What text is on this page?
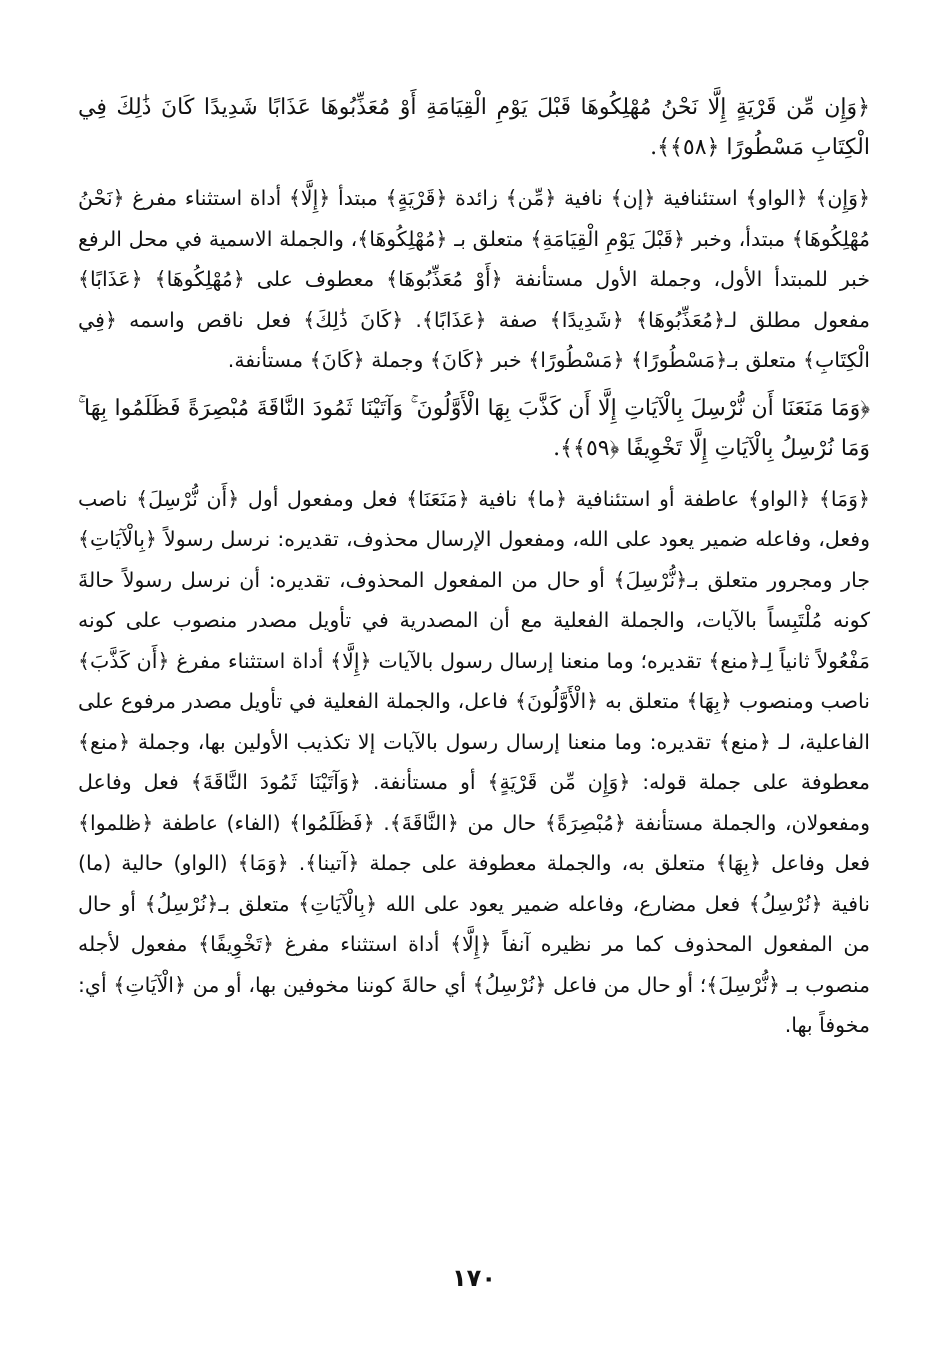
﴿وَإِن مِّن قَرْيَةٍ إِلَّا نَحْنُ مُهْلِكُوهَا قَبْلَ يَوْمِ الْقِيَامَةِ أَوْ مُعَذِّبُوهَا عَذَابًا شَدِيدًا كَانَ ذَٰلِكَ فِي الْكِتَابِ مَسْطُورًا ﴿٥٨﴾﴾.

﴿وَإِن﴾ ﴿الواو﴾ استئنافية ﴿إن﴾ نافية ﴿مِّن﴾ زائدة ﴿قَرْيَةٍ﴾ مبتدأ ﴿إِلَّا﴾ أداة استثناء مفرغ ﴿نَحْنُ مُهْلِكُوهَا﴾ مبتدأ، وخبر ﴿قَبْلَ يَوْمِ الْقِيَامَةِ﴾ متعلق بـ ﴿مُهْلِكُوهَا﴾، والجملة الاسمية في محل الرفع خبر للمبتدأ الأول، وجملة الأول مستأنفة ﴿أَوْ مُعَذِّبُوهَا﴾ معطوف على ﴿مُهْلِكُوهَا﴾ ﴿عَذَابًا﴾ مفعول مطلق لـ﴿مُعَذِّبُوهَا﴾ ﴿شَدِيدًا﴾ صفة ﴿عَذَابًا﴾. ﴿كَانَ ذَٰلِكَ﴾ فعل ناقص واسمه ﴿فِي الْكِتَابِ﴾ متعلق بـ﴿مَسْطُورًا﴾ ﴿مَسْطُورًا﴾ خبر ﴿كَانَ﴾ وجملة ﴿كَانَ﴾ مستأنفة.

﴿وَمَا مَنَعَنَا أَن نُّرْسِلَ بِالْآيَاتِ إِلَّا أَن كَذَّبَ بِهَا الْأَوَّلُونَ ۚ وَآتَيْنَا ثَمُودَ النَّاقَةَ مُبْصِرَةً فَظَلَمُوا بِهَا ۚ وَمَا نُرْسِلُ بِالْآيَاتِ إِلَّا تَخْوِيفًا ﴿٥٩﴾﴾.

﴿وَمَا﴾ ﴿الواو﴾ عاطفة أو استئنافية ﴿ما﴾ نافية ﴿مَنَعَنَا﴾ فعل ومفعول أول ﴿أَن نُّرْسِلَ﴾ ناصب وفعل، وفاعله ضمير يعود على الله، ومفعول الإرسال محذوف، تقديره: نرسل رسولاً ﴿بِالْآيَاتِ﴾ جار ومجرور متعلق بـ﴿نُّرْسِلَ﴾ أو حال من المفعول المحذوف، تقديره: أن نرسل رسولاً حالةَ كونه مُلْتَبِساً بالآيات، والجملة الفعلية مع أن المصدرية في تأويل مصدر منصوب على كونه مَفْعُولاً ثانياً لِـ﴿منع﴾ تقديره؛ وما منعنا إرسال رسول بالآيات ﴿إِلَّا﴾ أداة استثناء مفرغ ﴿أَن كَذَّبَ﴾ ناصب ومنصوب ﴿بِهَا﴾ متعلق به ﴿الْأَوَّلُونَ﴾ فاعل، والجملة الفعلية في تأويل مصدر مرفوع على الفاعلية، لـ ﴿منع﴾ تقديره: وما منعنا إرسال رسول بالآيات إلا تكذيب الأولين بها، وجملة ﴿منع﴾ معطوفة على جملة قوله: ﴿وَإِن مِّن قَرْيَةٍ﴾ أو مستأنفة. ﴿وَآتَيْنَا ثَمُودَ النَّاقَةَ﴾ فعل وفاعل ومفعولان، والجملة مستأنفة ﴿مُبْصِرَةً﴾ حال من ﴿النَّاقَةَ﴾. ﴿فَظَلَمُوا﴾ (الفاء) عاطفة ﴿ظلموا﴾ فعل وفاعل ﴿بِهَا﴾ متعلق به، والجملة معطوفة على جملة ﴿آتينا﴾. ﴿وَمَا﴾ (الواو) حالية (ما) نافية ﴿نُرْسِلُ﴾ فعل مضارع، وفاعله ضمير يعود على الله ﴿بِالْآيَاتِ﴾ متعلق بـ﴿نُرْسِلُ﴾ أو حال من المفعول المحذوف كما مر نظيره آنفاً ﴿إِلَّا﴾ أداة استثناء مفرغ ﴿تَخْوِيفًا﴾ مفعول لأجله منصوب بـ ﴿نُّرْسِلَ﴾؛ أو حال من فاعل ﴿نُرْسِلُ﴾ أي حالةَ كوننا مخوفين بها، أو من ﴿الْآيَاتِ﴾ أي: مخوفاً بها.

١٧٠
